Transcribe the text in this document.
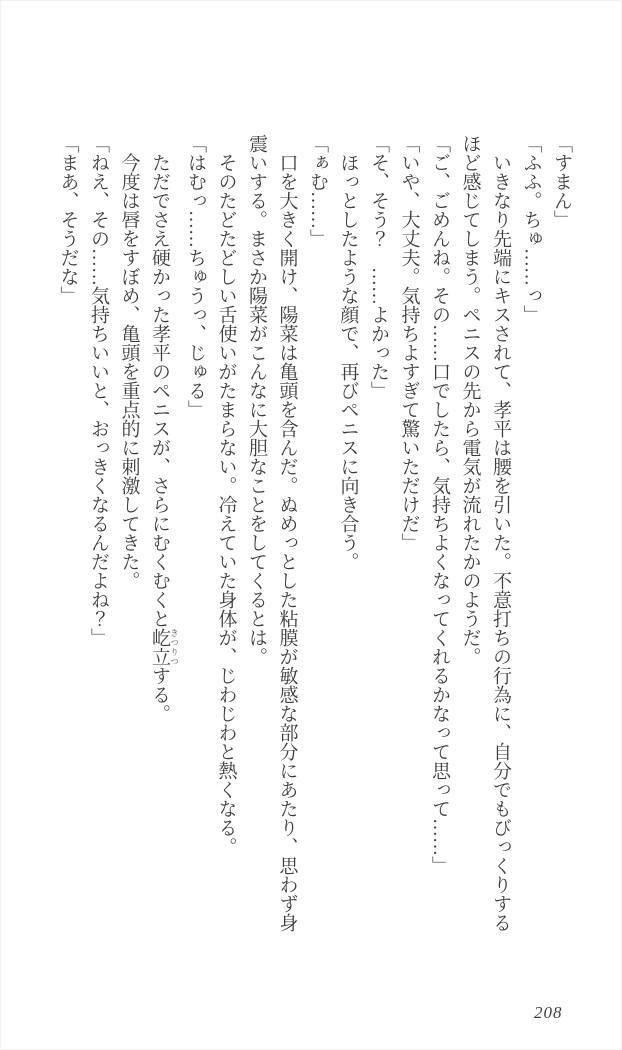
「すまん」

「ふふ。ちゅ……っ」

いきなり先端にキスされて、孝平は腰を引いた。不意打ちの行為に、自分でもびっくりするほど感じてしまう。ペニスの先から電気が流れたかのようだ。

「ご、ごめんね。その……口でしたら、気持ちよくなってくれるかなって思って……」

「いや、大丈夫。気持ちよすぎて驚いただけだ」

「そ、そう？　……よかった」

ほっとしたような顔で、再びペニスに向き合う。

「ぁむ……」

口を大きく開け、陽菜は亀頭を含んだ。ぬめっとした粘膜が敏感な部分にあたり、思わず身震いする。まさか陽菜がこんなに大胆なことをしてくるとは。

そのたどたどしい舌使いがたまらない。冷えていた身体が、じわじわと熱くなる。

「はむっ……ちゅうっ、じゅる」

ただでさえ硬かった孝平のペニスが、さらにむくむくと屹立 きつりつする。

今度は唇をすぼめ、亀頭を重点的に刺激してきた。

「ねえ、その……気持ちいいと、おっきくなるんだよね？」

「まあ、そうだな」

208
